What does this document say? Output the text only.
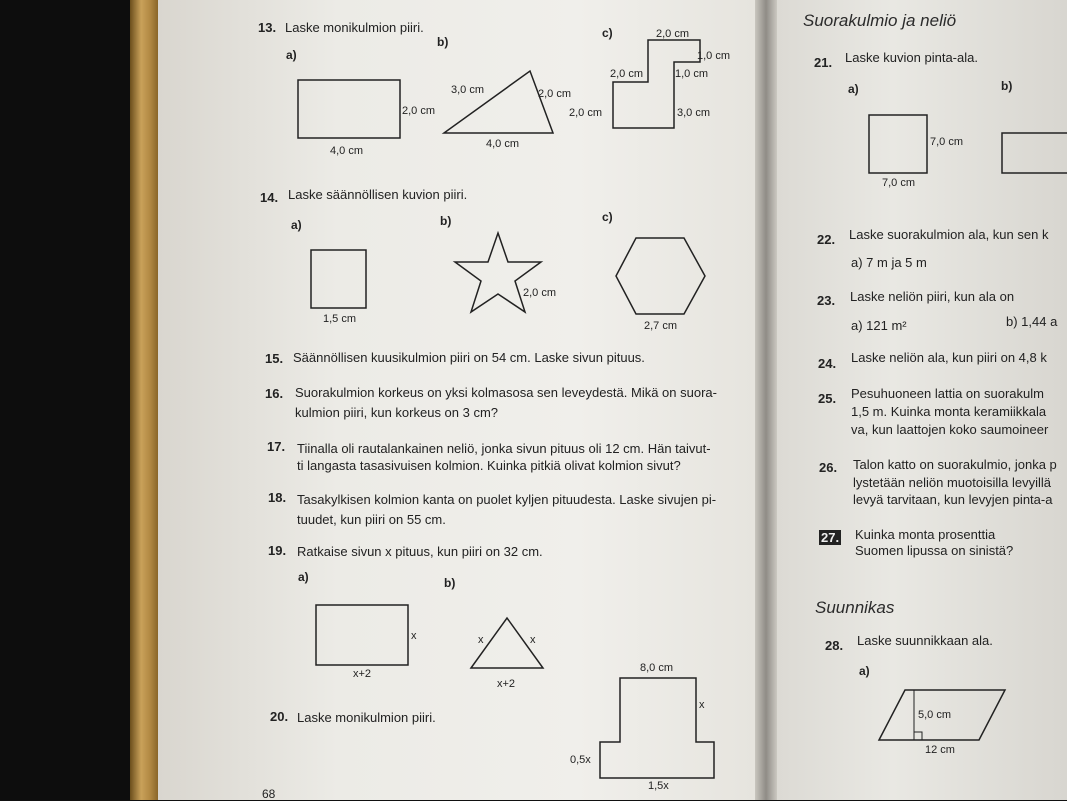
13. Laske monikulmion piiri.
a)
b)
c)
4,0 cm
2,0 cm
3,0 cm	2,0 cm
4,0 cm
2,0 cm
1,0 cm
2,0 cm	1,0 cm
2,0 cm	3,0 cm
14. Laske säännöllisen kuvion piiri.
a)	b)	c)
1,5 cm
2,0 cm
2,7 cm
15. Säännöllisen kuusikulmion piiri on 54 cm. Laske sivun pituus.
16. Suorakulmion korkeus on yksi kolmasosa sen leveydestä. Mikä on suora-
kulmion piiri, kun korkeus on 3 cm?
17. Tiinalla oli rautalankainen neliö, jonka sivun pituus oli 12 cm. Hän taivut-
ti langasta tasasivuisen kolmion. Kuinka pitkiä olivat kolmion sivut?
18. Tasakylkisen kolmion kanta on puolet kyljen pituudesta. Laske sivujen pi-
tuudet, kun piiri on 55 cm.
19. Ratkaise sivun x pituus, kun piiri on 32 cm.
a)	b)
x
x+2
x	x
x+2
20. Laske monikulmion piiri.
8,0 cm
x
0,5x
1,5x
68
Suorakulmio ja neliö
21. Laske kuvion pinta-ala.
a)	b)
7,0 cm
7,0 cm
22. Laske suorakulmion ala, kun sen k
a) 7 m ja 5 m
23. Laske neliön piiri, kun ala on
a) 121 m²	b) 1,44 a
24. Laske neliön ala, kun piiri on 4,8 k
25. Pesuhuoneen lattia on suorakulm
1,5 m. Kuinka monta keramiikkala
va, kun laattojen koko saumoineer
26. Talon katto on suorakulmio, jonka p
lystetään neliön muotoisilla levyillä
levyä tarvitaan, kun levyjen pinta-a
27. Kuinka monta prosenttia
Suomen lipussa on sinistä?
Suunnikas
28. Laske suunnikkaan ala.
a)
5,0 cm
12 cm
